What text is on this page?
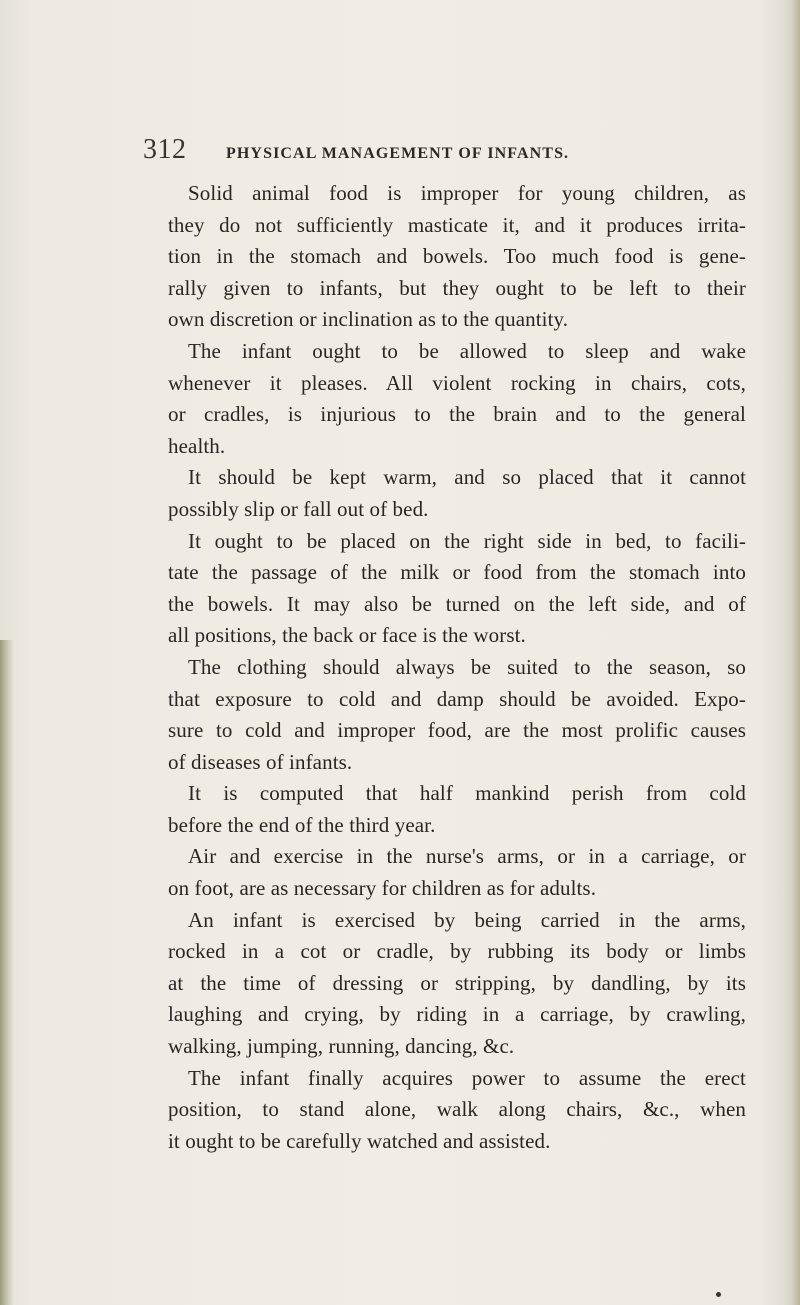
312 PHYSICAL MANAGEMENT OF INFANTS.
Solid animal food is improper for young children, as
they do not sufficiently masticate it, and it produces irrita-
tion in the stomach and bowels. Too much food is gene-
rally given to infants, but they ought to be left to their
own discretion or inclination as to the quantity.
The infant ought to be allowed to sleep and wake
whenever it pleases. All violent rocking in chairs, cots,
or cradles, is injurious to the brain and to the general
health.
It should be kept warm, and so placed that it cannot
possibly slip or fall out of bed.
It ought to be placed on the right side in bed, to facili-
tate the passage of the milk or food from the stomach into
the bowels. It may also be turned on the left side, and of
all positions, the back or face is the worst.
The clothing should always be suited to the season, so
that exposure to cold and damp should be avoided. Expo-
sure to cold and improper food, are the most prolific causes
of diseases of infants.
It is computed that half mankind perish from cold
before the end of the third year.
Air and exercise in the nurse's arms, or in a carriage, or
on foot, are as necessary for children as for adults.
An infant is exercised by being carried in the arms,
rocked in a cot or cradle, by rubbing its body or limbs
at the time of dressing or stripping, by dandling, by its
laughing and crying, by riding in a carriage, by crawling,
walking, jumping, running, dancing, &c.
The infant finally acquires power to assume the erect
position, to stand alone, walk along chairs, &c., when
it ought to be carefully watched and assisted.
